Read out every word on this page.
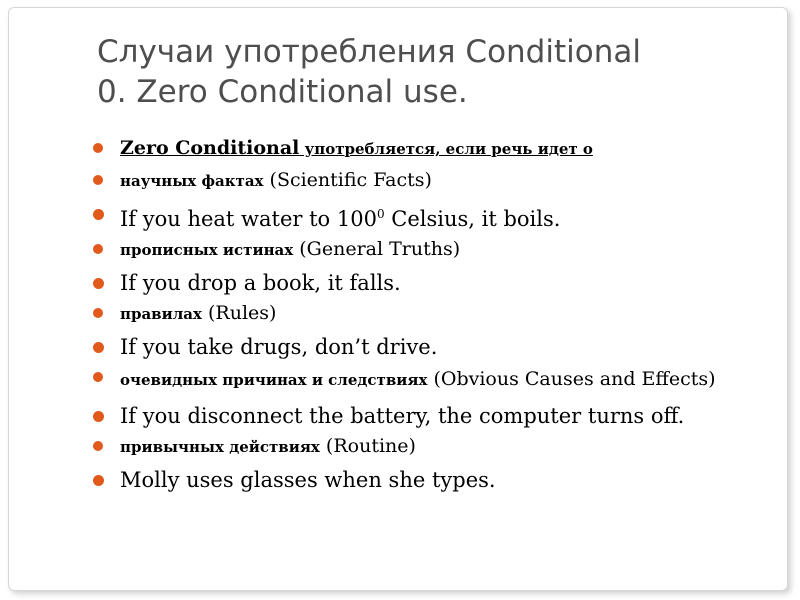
Случаи употребления Conditional
0. Zero Conditional use.
Zero Conditional употребляется, если речь идет о
научных фактах (Scientific Facts)
If you heat water to $100^0$ Celsius, it boils.
прописных истинах (General Truths)
If you drop a book, it falls.
правилах (Rules)
If you take drugs, don’t drive.
очевидных причинах и следствиях (Obvious Causes and Effects)
If you disconnect the battery, the computer turns off.
привычных действиях (Routine)
Molly uses glasses when she types.
